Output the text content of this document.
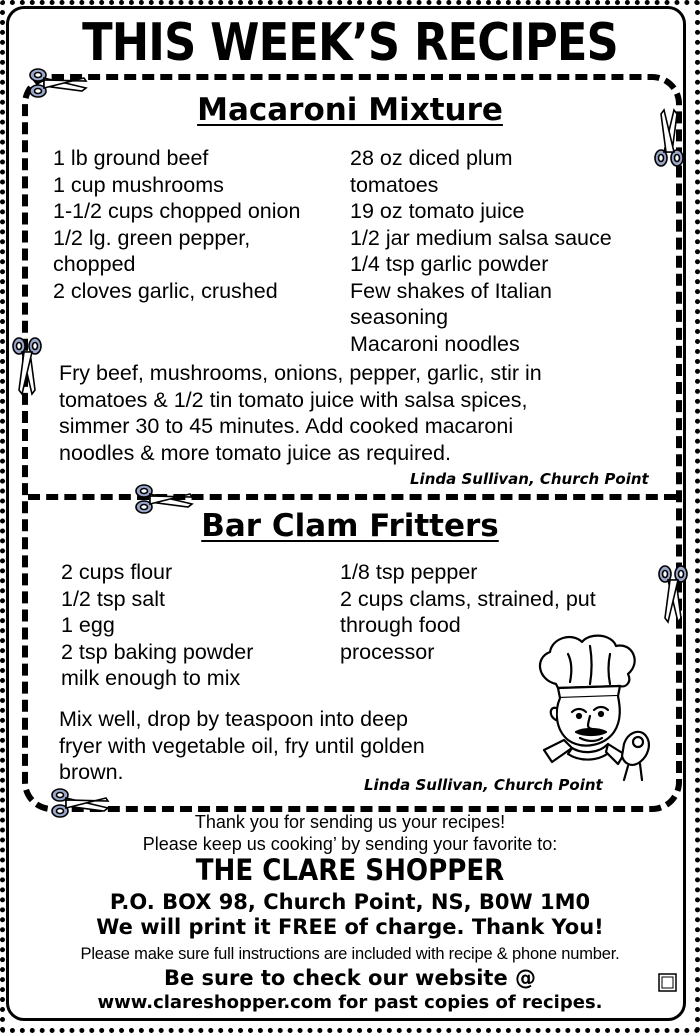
THIS WEEK’S RECIPES
Macaroni Mixture
1 lb ground beef
1 cup mushrooms
1-1/2 cups chopped onion
1/2 lg. green pepper,
chopped
2 cloves garlic, crushed
28 oz diced plum
tomatoes
19 oz tomato juice
1/2 jar medium salsa sauce
1/4 tsp garlic powder
Few shakes of Italian
seasoning
Macaroni noodles
Fry beef, mushrooms, onions, pepper, garlic, stir in
tomatoes & 1/2 tin tomato juice with salsa spices,
simmer 30 to 45 minutes. Add cooked macaroni
noodles & more tomato juice as required.
Linda Sullivan, Church Point
Bar Clam Fritters
2 cups flour
1/2 tsp salt
1 egg
2 tsp baking powder
milk enough to mix
1/8 tsp pepper
2 cups clams, strained, put
through food
processor
Mix well, drop by teaspoon into deep
fryer with vegetable oil, fry until golden
brown.
Linda Sullivan, Church Point
Thank you for sending us your recipes!
Please keep us cooking’ by sending your favorite to:
THE CLARE SHOPPER
P.O. BOX 98, Church Point, NS, B0W 1M0
We will print it FREE of charge. Thank You!
Please make sure full instructions are included with recipe & phone number.
Be sure to check our website @
www.clareshopper.com for past copies of recipes.
